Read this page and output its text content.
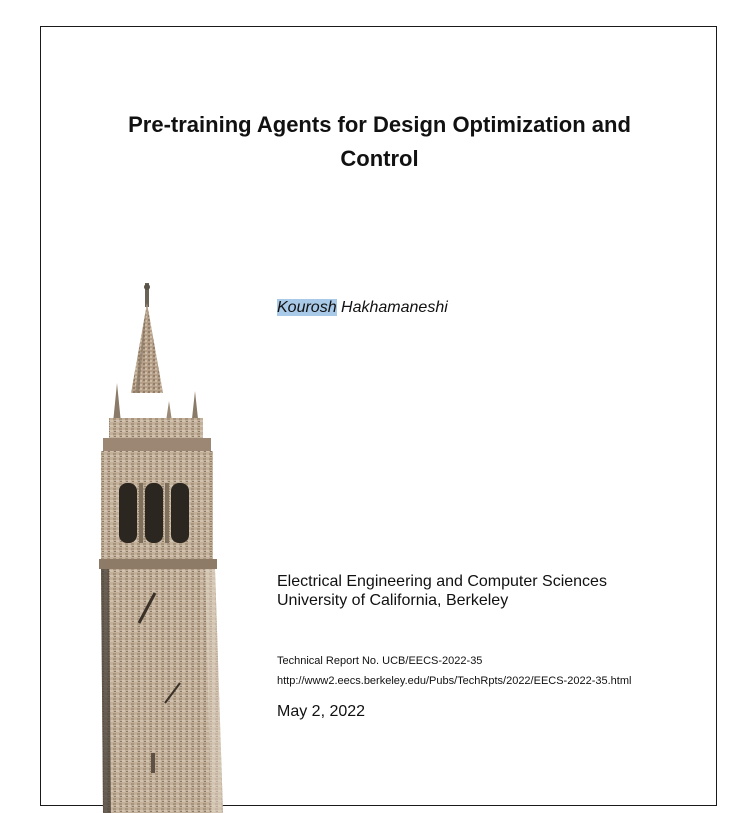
Pre-training Agents for Design Optimization and
Control
Kourosh Hakhamaneshi
Electrical Engineering and Computer Sciences
University of California, Berkeley
Technical Report No. UCB/EECS-2022-35
http://www2.eecs.berkeley.edu/Pubs/TechRpts/2022/EECS-2022-35.html
May 2, 2022
